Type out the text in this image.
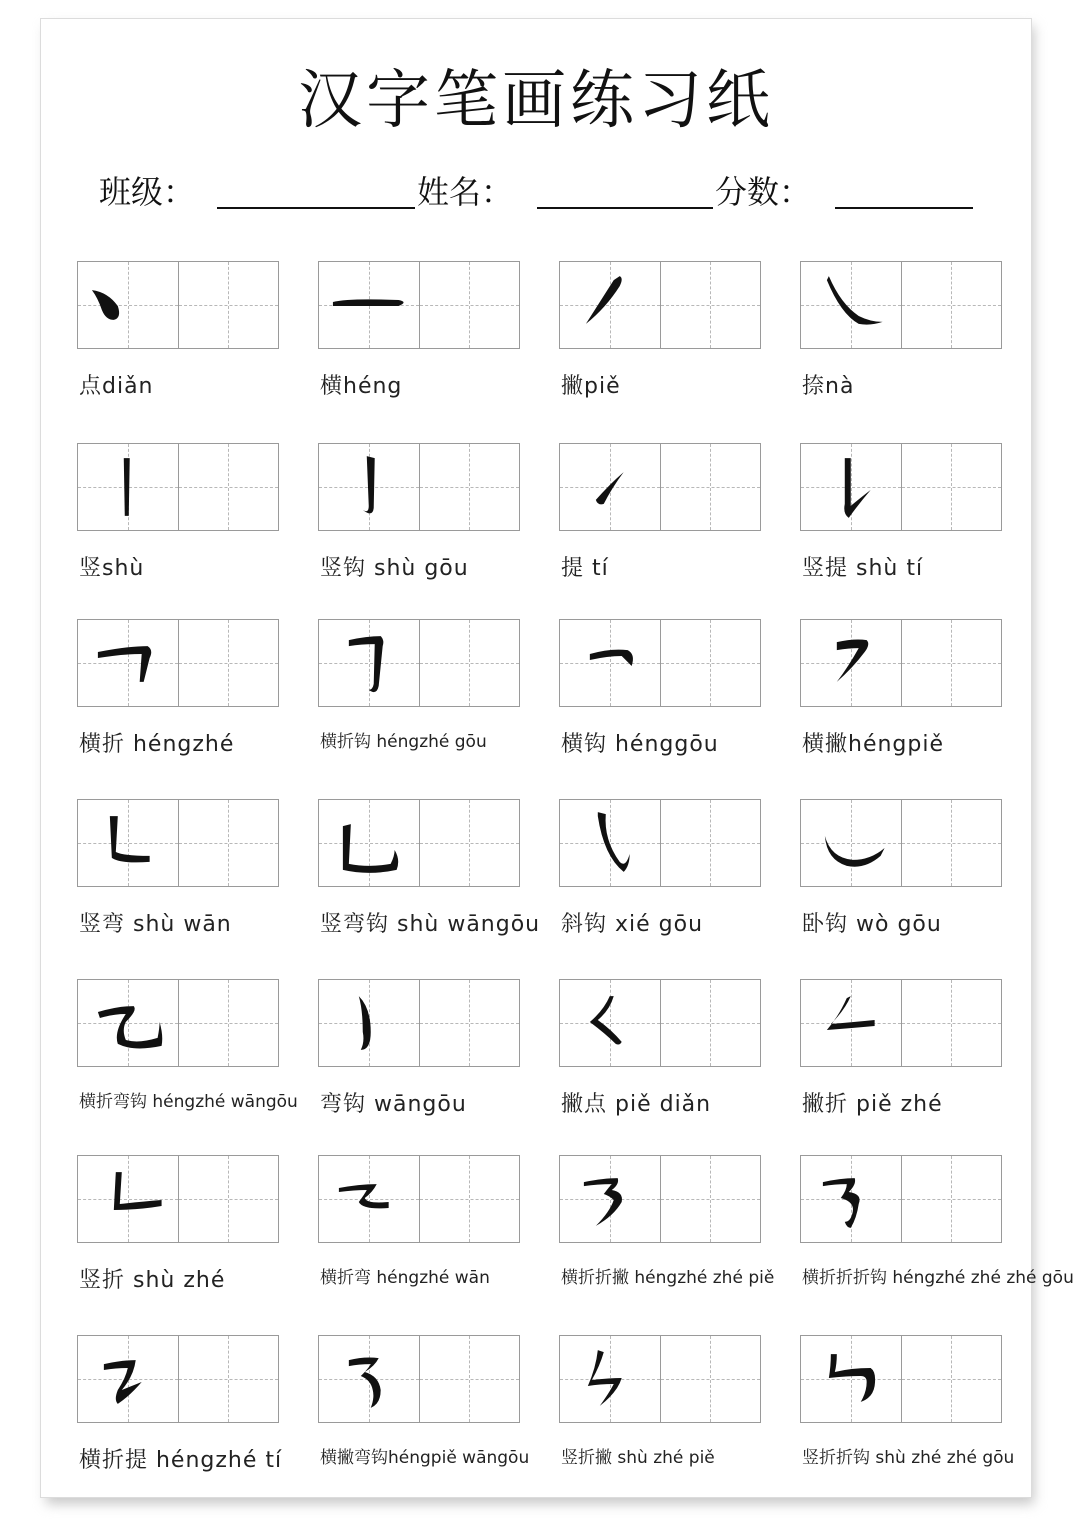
汉字笔画练习纸
班级：	姓名：	分数：
点diǎn	横héng	撇piě	捺nà
竖shù	竖钩 shù gōu	提 tí	竖提 shù tí
横折 héngzhé	横折钩 héngzhé gōu	横钩 hénggōu	横撇héngpiě
竖弯 shù wān	竖弯钩 shù wāngōu 斜钩 xié gōu	卧钩 wò gōu
横折弯钩 héngzhé wāngōu 弯钩 wāngōu	撇点 piě diǎn	撇折 piě zhé
竖折 shù zhé	横折弯 héngzhé wān	横折折撇 héngzhé zhé piě 横折折折钩 héngzhé zhé zhé gōu
横折提 héngzhé tí 横撇弯钩héngpiě wāngōu 竖折撇 shù zhé piě	竖折折钩 shù zhé zhé gōu
